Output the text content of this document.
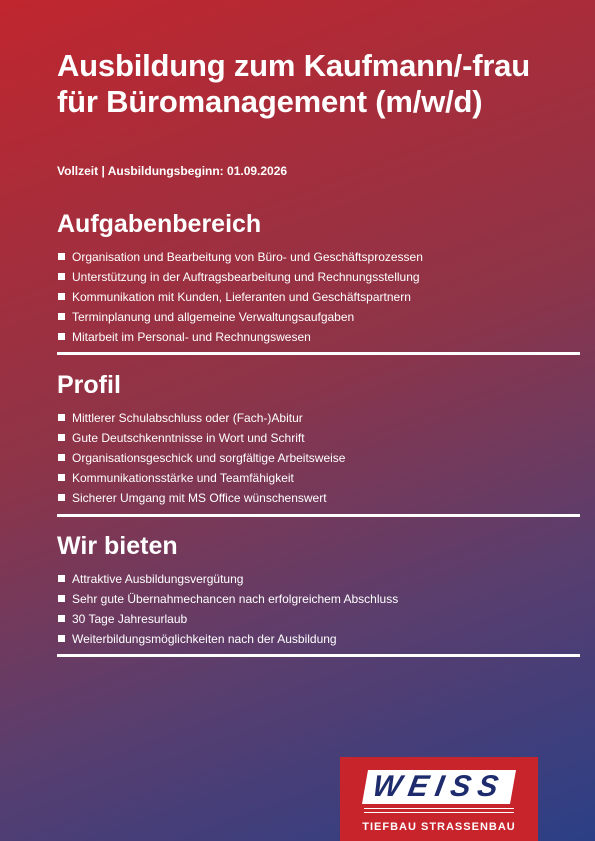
Ausbildung zum Kaufmann/-frau für Büromanagement (m/w/d)

Vollzeit | Ausbildungsbeginn: 01.09.2026

Aufgabenbereich
Organisation und Bearbeitung von Büro- und Geschäftsprozessen
Unterstützung in der Auftragsbearbeitung und Rechnungsstellung
Kommunikation mit Kunden, Lieferanten und Geschäftspartnern
Terminplanung und allgemeine Verwaltungsaufgaben
Mitarbeit im Personal- und Rechnungswesen
Profil
Mittlerer Schulabschluss oder (Fach-)Abitur
Gute Deutschkenntnisse in Wort und Schrift
Organisationsgeschick und sorgfältige Arbeitsweise
Kommunikationsstärke und Teamfähigkeit
Sicherer Umgang mit MS Office wünschenswert
Wir bieten
Attraktive Ausbildungsvergütung
Sehr gute Übernahmechancen nach erfolgreichem Abschluss
30 Tage Jahresurlaub
Weiterbildungsmöglichkeiten nach der Ausbildung
WEISS
TIEFBAU STRASSENBAU
